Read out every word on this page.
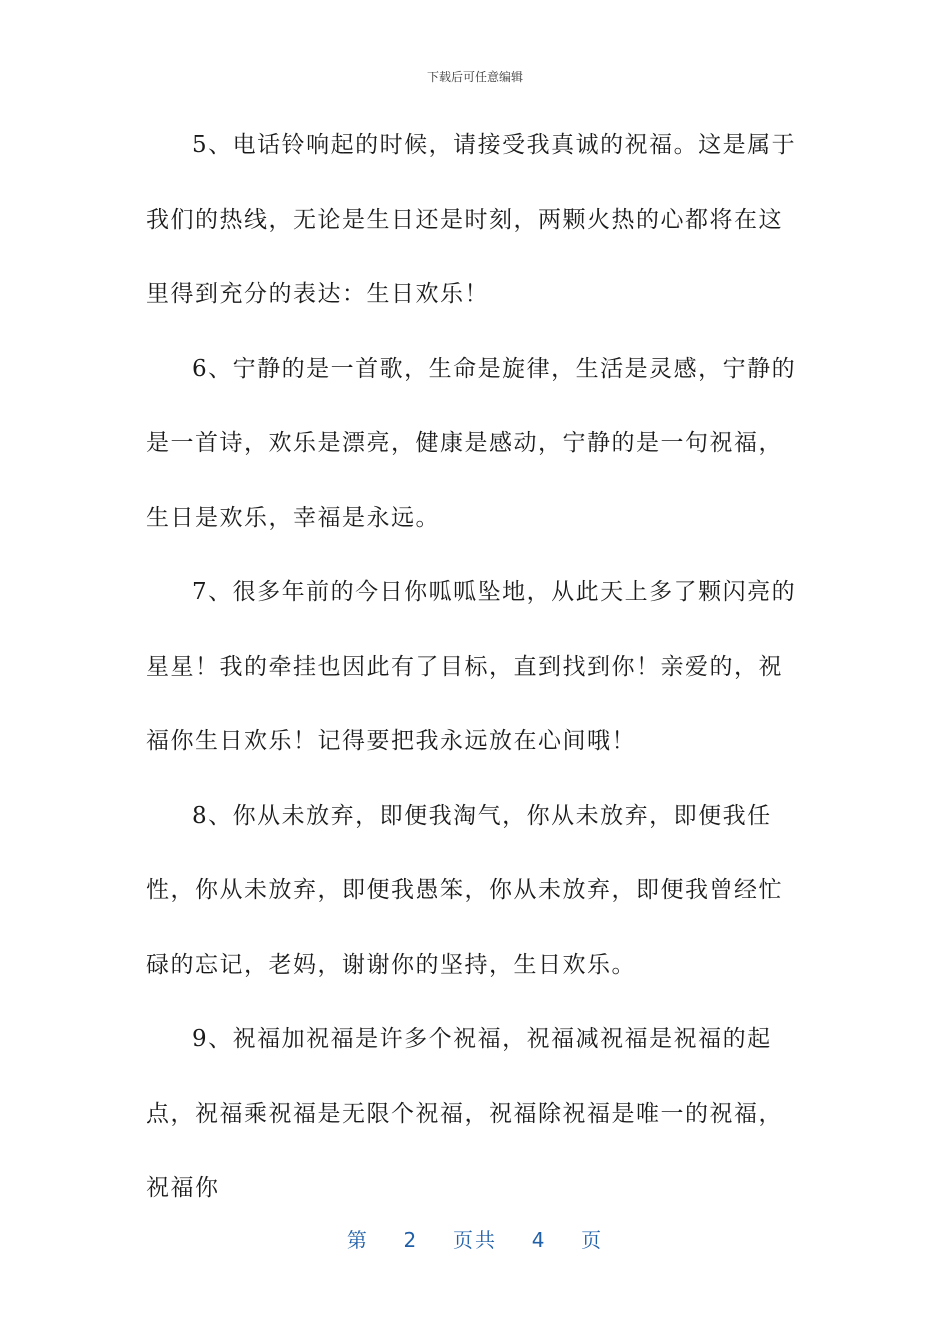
下载后可任意编辑

5、电话铃响起的时候，请接受我真诚的祝福。这是属于我们的热线，无论是生日还是时刻，两颗火热的心都将在这里得到充分的表达：生日欢乐！

6、宁静的是一首歌，生命是旋律，生活是灵感，宁静的是一首诗，欢乐是漂亮，健康是感动，宁静的是一句祝福，生日是欢乐，幸福是永远。

7、很多年前的今日你呱呱坠地，从此天上多了颗闪亮的星星！我的牵挂也因此有了目标，直到找到你！亲爱的，祝福你生日欢乐！记得要把我永远放在心间哦！

8、你从未放弃，即便我淘气，你从未放弃，即便我任性，你从未放弃，即便我愚笨，你从未放弃，即便我曾经忙碌的忘记，老妈，谢谢你的坚持，生日欢乐。

9、祝福加祝福是许多个祝福，祝福减祝福是祝福的起点，祝福乘祝福是无限个祝福，祝福除祝福是唯一的祝福，祝福你

第 2 页共 4 页
